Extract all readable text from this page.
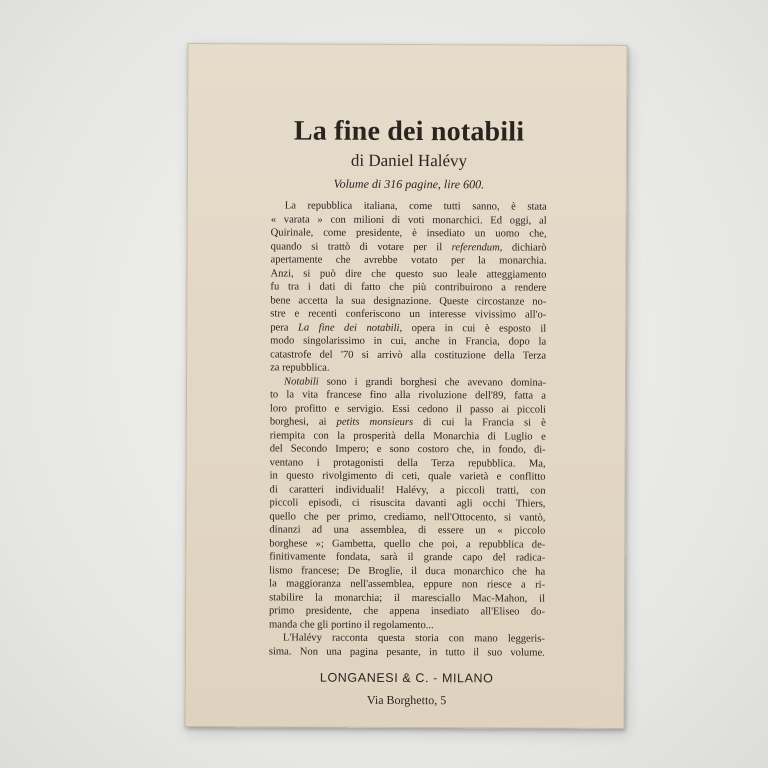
La fine dei notabili
di Daniel Halévy
Volume di 316 pagine, lire 600.
La repubblica italiana, come tutti sanno, è stata
« varata » con milioni di voti monarchici. Ed oggi, al
Quirinale, come presidente, è insediato un uomo che,
quando si trattò di votare per il referendum, dichiarò
apertamente che avrebbe votato per la monarchia.
Anzi, si può dire che questo suo leale atteggiamento
fu tra i dati di fatto che più contribuirono a rendere
bene accetta la sua designazione. Queste circostanze no-
stre e recenti conferiscono un interesse vivissimo all'o-
pera La fine dei notabili, opera in cui è esposto il
modo singolarissimo in cui, anche in Francia, dopo la
catastrofe del '70 si arrivò alla costituzione della Terza
za repubblica.
Notabili sono i grandi borghesi che avevano domina-
to la vita francese fino alla rivoluzione dell'89, fatta a
loro profitto e servigio. Essi cedono il passo ai piccoli
borghesi, ai petits monsieurs di cui la Francia si è
riempita con la prosperità della Monarchia di Luglio e
del Secondo Impero; e sono costoro che, in fondo, di-
ventano i protagonisti della Terza repubblica. Ma,
in questo rivolgimento di ceti, quale varietà e conflitto
di caratteri individuali! Halévy, a piccoli tratti, con
piccoli episodi, ci risuscita davanti agli occhi Thiers,
quello che per primo, crediamo, nell'Ottocento, si vantò,
dinanzi ad una assemblea, di essere un « piccolo
borghese »; Gambetta, quello che poi, a repubblica de-
finitivamente fondata, sarà il grande capo del radica-
lismo francese; De Broglie, il duca monarchico che ha
la maggioranza nell'assemblea, eppure non riesce a ri-
stabilire la monarchia; il maresciallo Mac-Mahon, il
primo presidente, che appena insediato all'Eliseo do-
manda che gli portino il regolamento...
L'Halévy racconta questa storia con mano leggeris-
sima. Non una pagina pesante, in tutto il suo volume.
LONGANESI & C. - MILANO
Via Borghetto, 5
